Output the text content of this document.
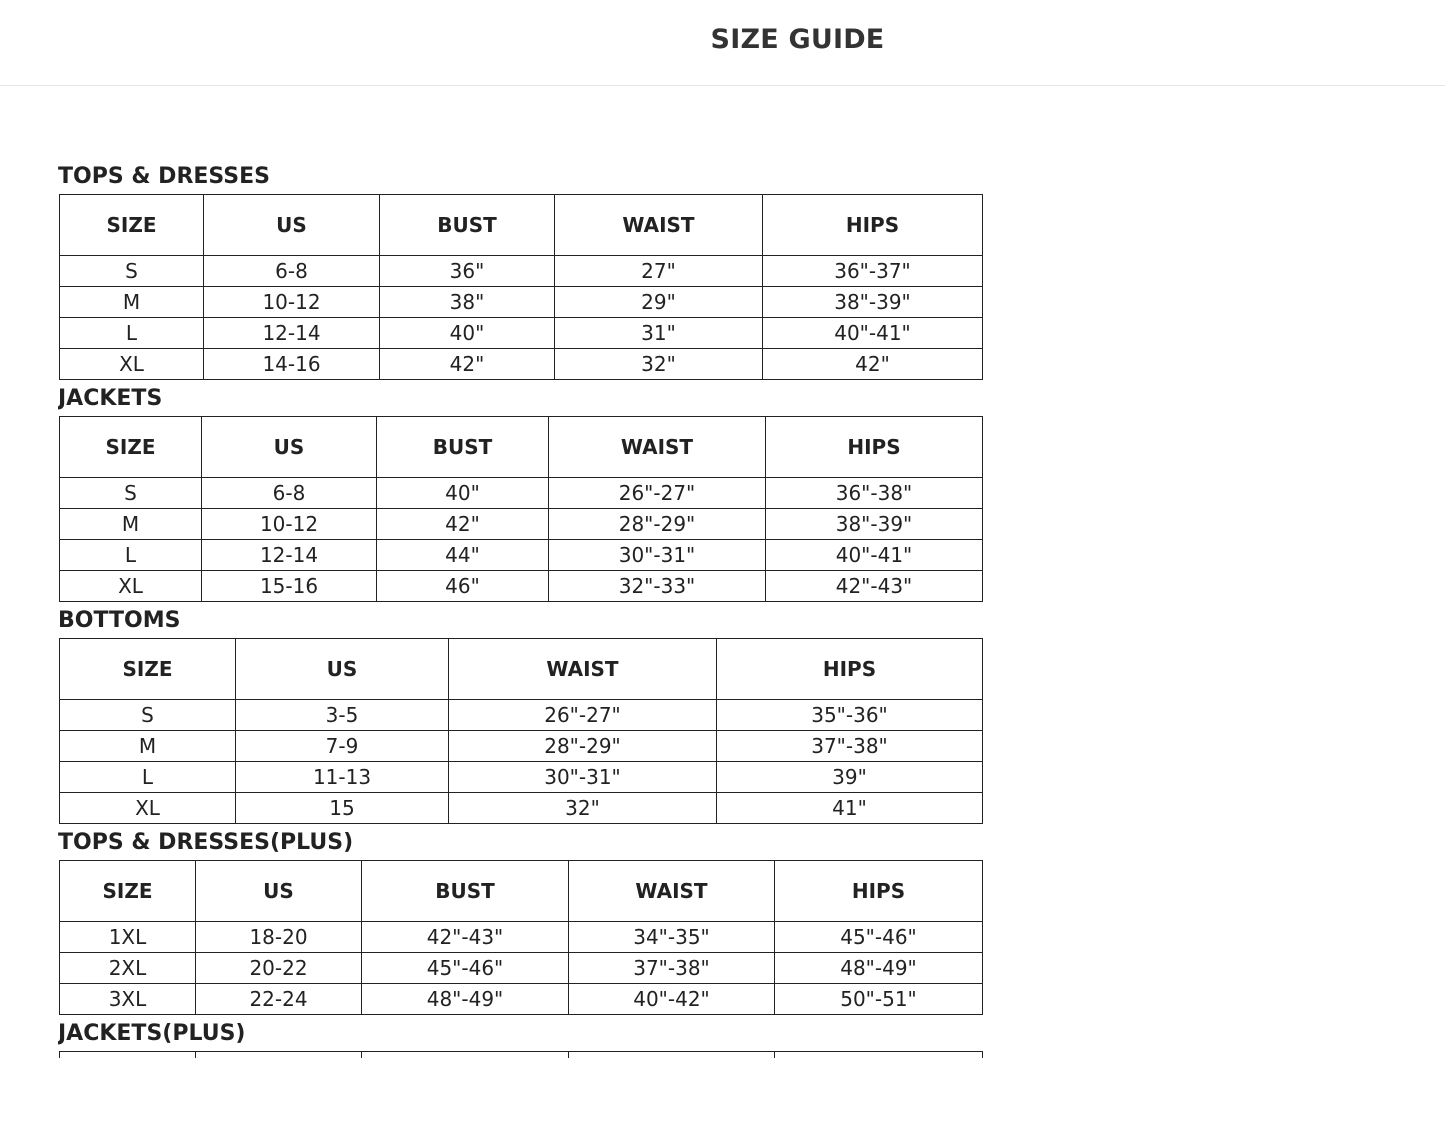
SIZE GUIDE
TOPS & DRESSES
SIZE	US	BUST	WAIST	HIPS
S	6-8	36"	27"	36"-37"
M	10-12	38"	29"	38"-39"
L	12-14	40"	31"	40"-41"
XL	14-16	42"	32"	42"
JACKETS
SIZE	US	BUST	WAIST	HIPS
S	6-8	40"	26"-27"	36"-38"
M	10-12	42"	28"-29"	38"-39"
L	12-14	44"	30"-31"	40"-41"
XL	15-16	46"	32"-33"	42"-43"
BOTTOMS
SIZE	US	WAIST	HIPS
S	3-5	26"-27"	35"-36"
M	7-9	28"-29"	37"-38"
L	11-13	30"-31"	39"
XL	15	32"	41"
TOPS & DRESSES(PLUS)
SIZE	US	BUST	WAIST	HIPS
1XL	18-20	42"-43"	34"-35"	45"-46"
2XL	20-22	45"-46"	37"-38"	48"-49"
3XL	22-24	48"-49"	40"-42"	50"-51"
JACKETS(PLUS)
